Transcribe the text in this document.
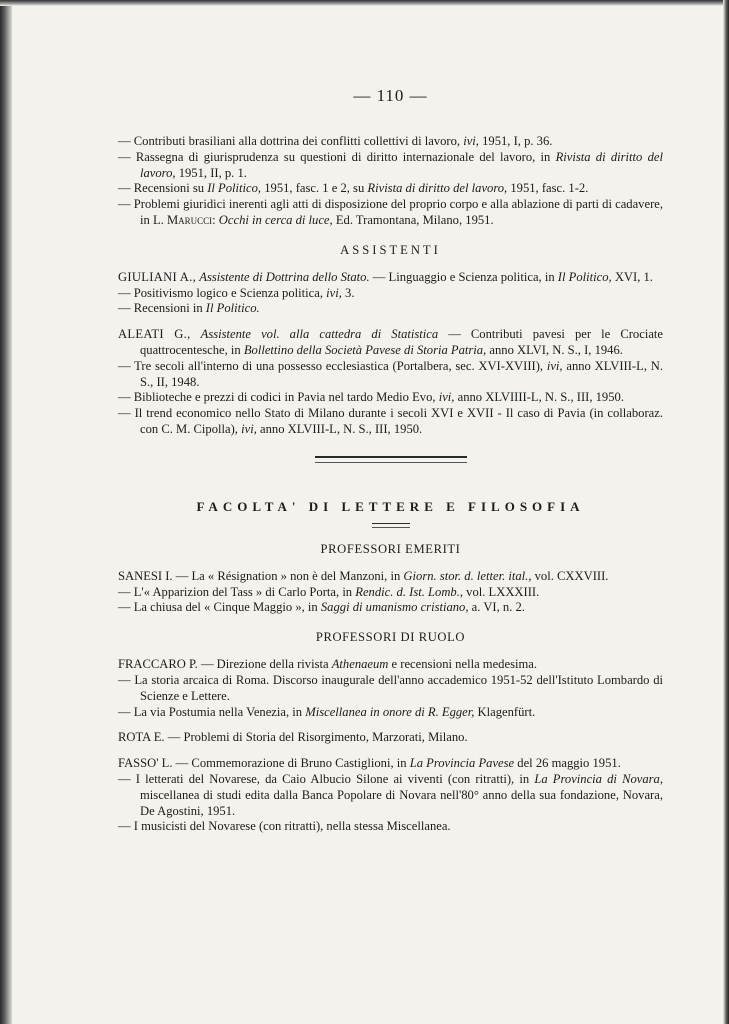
— 110 —

— Contributi brasiliani alla dottrina dei conflitti collettivi di lavoro, ivi, 1951, I, p. 36.

— Rassegna di giurisprudenza su questioni di diritto internazionale del lavoro, in Rivista di diritto del lavoro, 1951, II, p. 1.

— Recensioni su Il Politico, 1951, fasc. 1 e 2, su Rivista di diritto del lavoro, 1951, fasc. 1-2.

— Problemi giuridici inerenti agli atti di disposizione del proprio corpo e alla ablazione di parti di cadavere, in L. Marucci: Occhi in cerca di luce, Ed. Tramontana, Milano, 1951.

ASSISTENTI

GIULIANI A., Assistente di Dottrina dello Stato. — Linguaggio e Scienza politica, in Il Politico, XVI, 1.

— Positivismo logico e Scienza politica, ivi, 3.

— Recensioni in Il Politico.

ALEATI G., Assistente vol. alla cattedra di Statistica — Contributi pavesi per le Crociate quattrocentesche, in Bollettino della Società Pavese di Storia Patria, anno XLVI, N. S., I, 1946.

— Tre secoli all'interno di una possesso ecclesiastica (Portalbera, sec. XVI-XVIII), ivi, anno XLVIII-L, N. S., II, 1948.

— Biblioteche e prezzi di codici in Pavia nel tardo Medio Evo, ivi, anno XLVIIII-L, N. S., III, 1950.

— Il trend economico nello Stato di Milano durante i secoli XVI e XVII - Il caso di Pavia (in collaboraz. con C. M. Cipolla), ivi, anno XLVIII-L, N. S., III, 1950.

FACOLTA' DI LETTERE E FILOSOFIA
PROFESSORI EMERITI

SANESI I. — La « Résignation » non è del Manzoni, in Giorn. stor. d. letter. ital., vol. CXXVIII.

— L'« Apparizion del Tass » di Carlo Porta, in Rendic. d. Ist. Lomb., vol. LXXXIII.

— La chiusa del « Cinque Maggio », in Saggi di umanismo cristiano, a. VI, n. 2.

PROFESSORI DI RUOLO

FRACCARO P. — Direzione della rivista Athenaeum e recensioni nella medesima.

— La storia arcaica di Roma. Discorso inaugurale dell'anno accademico 1951-52 dell'Istituto Lombardo di Scienze e Lettere.

— La via Postumia nella Venezia, in Miscellanea in onore di R. Egger, Klagenfürt.

ROTA E. — Problemi di Storia del Risorgimento, Marzorati, Milano.

FASSO' L. — Commemorazione di Bruno Castiglioni, in La Provincia Pavese del 26 maggio 1951.

— I letterati del Novarese, da Caio Albucio Silone ai viventi (con ritratti), in La Provincia di Novara, miscellanea di studi edita dalla Banca Popolare di Novara nell'80° anno della sua fondazione, Novara, De Agostini, 1951.

— I musicisti del Novarese (con ritratti), nella stessa Miscellanea.
